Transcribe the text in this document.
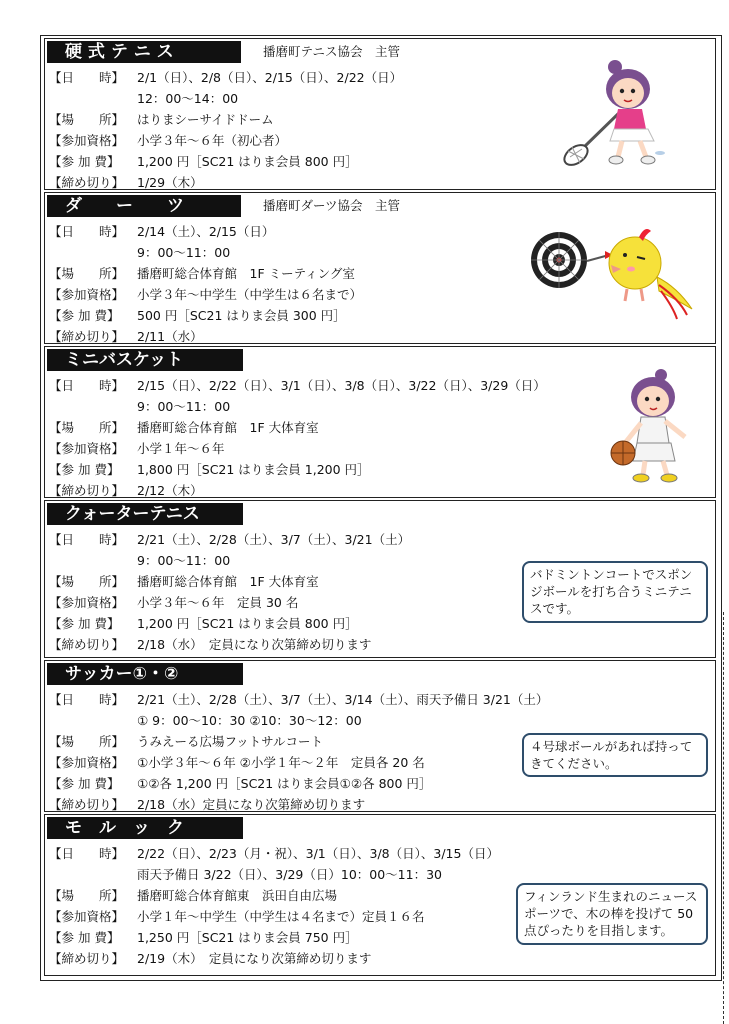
硬 式 テ ニ ス	播磨町テニス協会　主管
【日　　時】	2/1（日）、2/8（日）、2/15（日）、2/22（日）
12：00〜14：00
【場　　所】	はりまシーサイドドーム
【参加資格】	小学３年〜６年（初心者）
【参 加 費】	1,200 円［SC21 はりま会員 800 円］
【締め切り】	1/29（木）
ダ　　ー　　ツ	播磨町ダーツ協会　主管
【日　　時】	2/14（土）、2/15（日）
9：00〜11：00
【場　　所】	播磨町総合体育館　1F ミーティング室
【参加資格】	小学３年〜中学生（中学生は６名まで）
【参 加 費】	500 円［SC21 はりま会員 300 円］
【締め切り】	2/11（水）
ミニバスケット
【日　　時】	2/15（日）、2/22（日）、3/1（日）、3/8（日）、3/22（日）、3/29（日）
9：00〜11：00
【場　　所】	播磨町総合体育館　1F 大体育室
【参加資格】	小学１年〜６年
【参 加 費】	1,800 円［SC21 はりま会員 1,200 円］
【締め切り】	2/12（木）
クォーターテニス
【日　　時】	2/21（土）、2/28（土）、3/7（土）、3/21（土）
9：00〜11：00
【場　　所】	播磨町総合体育館　1F 大体育室
【参加資格】	小学３年〜６年　定員 30 名
【参 加 費】	1,200 円［SC21 はりま会員 800 円］
【締め切り】	2/18（水）　定員になり次第締め切ります
バドミントンコートでスポンジボールを打ち合うミニテニスです。
サッカー①・②
【日　　時】	2/21（土）、2/28（土）、3/7（土）、3/14（土）、雨天予備日 3/21（土）
① 9：00〜10：30 ②10：30〜12：00
【場　　所】	うみえーる広場フットサルコート
【参加資格】	①小学３年〜６年 ②小学１年〜２年　定員各 20 名
【参 加 費】	①②各 1,200 円［SC21 はりま会員①②各 800 円］
【締め切り】	2/18（水）定員になり次第締め切ります
４号球ボールがあれば持ってきてください。
モ　ル　ッ　ク
【日　　時】	2/22（日）、2/23（月・祝）、3/1（日）、3/8（日）、3/15（日）
雨天予備日 3/22（日）、3/29（日）10：00〜11：30
【場　　所】	播磨町総合体育館東　浜田自由広場
【参加資格】	小学１年〜中学生（中学生は４名まで）定員１６名
【参 加 費】	1,250 円［SC21 はりま会員 750 円］
【締め切り】	2/19（木）　定員になり次第締め切ります
フィンランド生まれのニュースポーツで、木の棒を投げて 50 点ぴったりを目指します。
